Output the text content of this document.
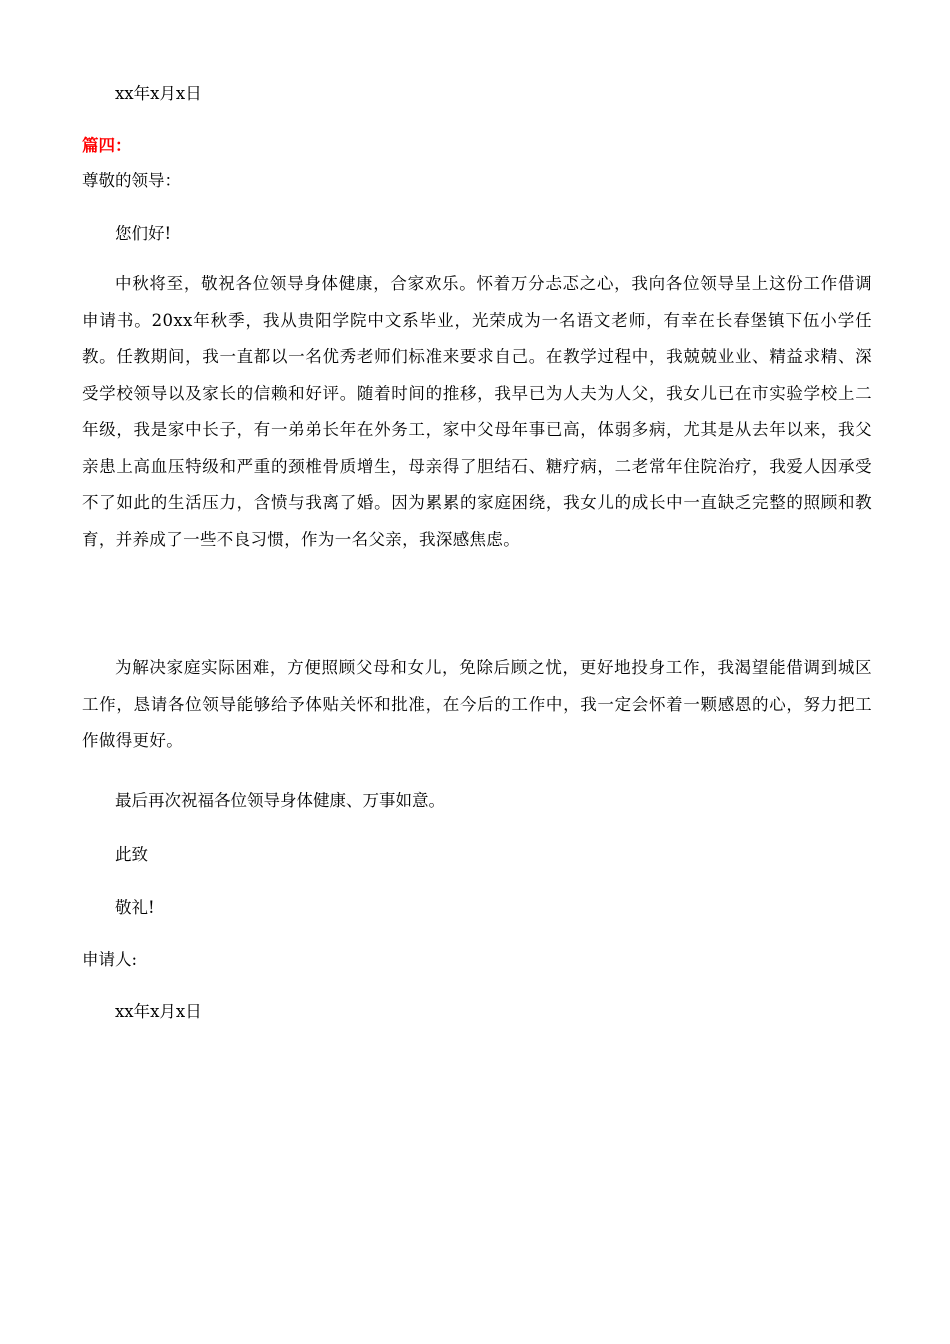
xx年x月x日
篇四：
尊敬的领导：
您们好!
中秋将至，敬祝各位领导身体健康，合家欢乐。怀着万分忐忑之心，我向各位领导呈上这份工作借调申请书。20xx年秋季，我从贵阳学院中文系毕业，光荣成为一名语文老师，有幸在长春堡镇下伍小学任教。任教期间，我一直都以一名优秀老师们标准来要求自己。在教学过程中，我兢兢业业、精益求精、深受学校领导以及家长的信赖和好评。随着时间的推移，我早已为人夫为人父，我女儿已在市实验学校上二年级，我是家中长子，有一弟弟长年在外务工，家中父母年事已高，体弱多病，尤其是从去年以来，我父亲患上高血压特级和严重的颈椎骨质增生，母亲得了胆结石、糖疗病，二老常年住院治疗，我爱人因承受不了如此的生活压力，含愤与我离了婚。因为累累的家庭困绕，我女儿的成长中一直缺乏完整的照顾和教育，并养成了一些不良习惯，作为一名父亲，我深感焦虑。
为解决家庭实际困难，方便照顾父母和女儿，免除后顾之忧，更好地投身工作，我渴望能借调到城区工作，恳请各位领导能够给予体贴关怀和批准，在今后的工作中，我一定会怀着一颗感恩的心，努力把工作做得更好。
最后再次祝福各位领导身体健康、万事如意。
此致
敬礼!
申请人:
xx年x月x日
